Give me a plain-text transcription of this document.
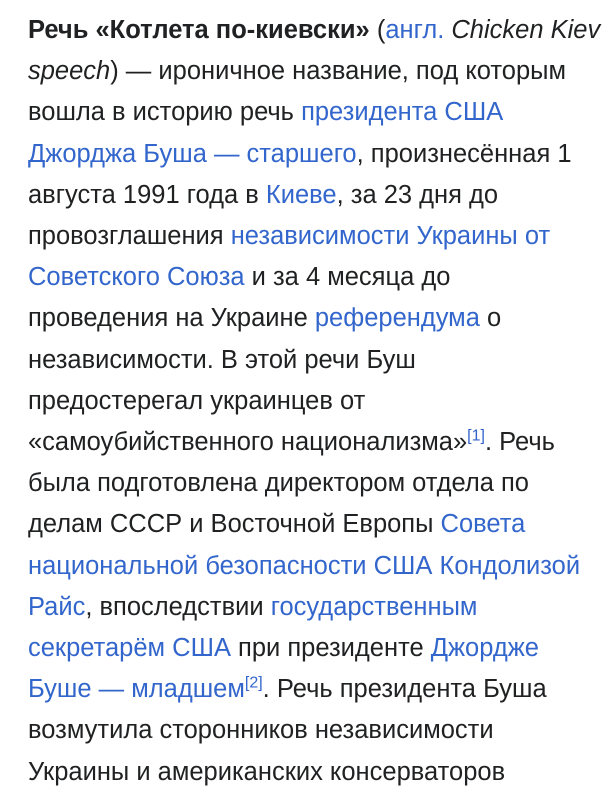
Речь «Котлета по-киевски» (англ. Chicken Kiev
speech) — ироничное название, под которым
вошла в историю речь президента США
Джорджа Буша — старшего, произнесённая 1
августа 1991 года в Киеве, за 23 дня до
провозглашения независимости Украины от
Советского Союза и за 4 месяца до
проведения на Украине референдума о
независимости. В этой речи Буш
предостерегал украинцев от
«самоубийственного национализма»[1]. Речь
была подготовлена директором отдела по
делам СССР и Восточной Европы Совета
национальной безопасности США Кондолизой
Райс, впоследствии государственным
секретарём США при президенте Джордже
Буше — младшем[2]. Речь президента Буша
возмутила сторонников независимости
Украины и американских консерваторов
